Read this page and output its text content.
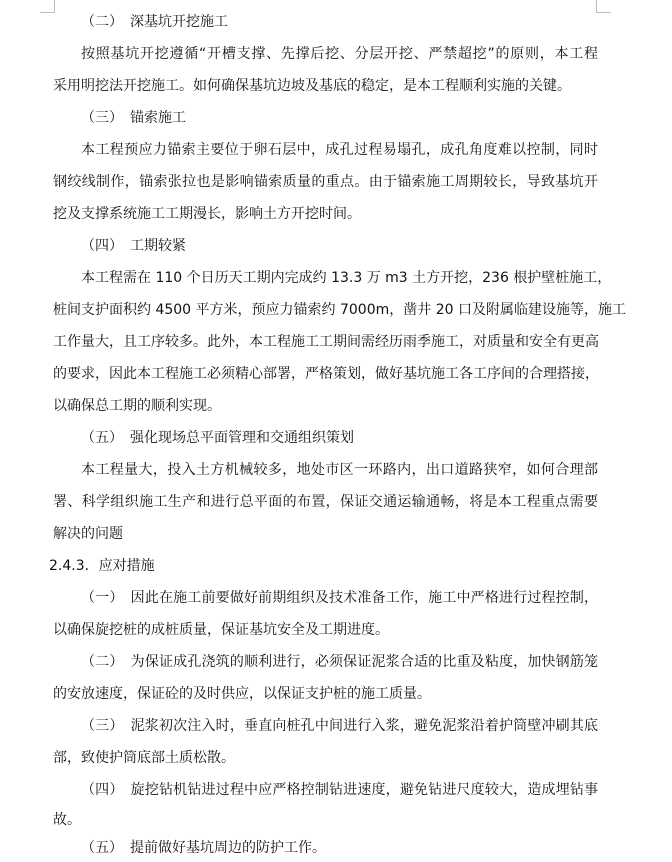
（二）　深基坑开挖施工
按照基坑开挖遵循“开槽支撑、先撑后挖、分层开挖、严禁超挖”的原则，本工程
采用明挖法开挖施工。如何确保基坑边坡及基底的稳定，是本工程顺利实施的关键。
（三）　锚索施工
本工程预应力锚索主要位于卵石层中，成孔过程易塌孔，成孔角度难以控制，同时
钢绞线制作，锚索张拉也是影响锚索质量的重点。由于锚索施工周期较长，导致基坑开
挖及支撑系统施工工期漫长，影响土方开挖时间。
（四）　工期较紧
本工程需在 110 个日历天工期内完成约 13.3 万 m3 土方开挖，236 根护壁桩施工，
桩间支护面积约 4500 平方米，预应力锚索约 7000m，凿井 20 口及附属临建设施等，施工
工作量大，且工序较多。此外，本工程施工工期间需经历雨季施工，对质量和安全有更高
的要求，因此本工程施工必须精心部署，严格策划，做好基坑施工各工序间的合理搭接，
以确保总工期的顺利实现。
（五）　强化现场总平面管理和交通组织策划
本工程量大，投入土方机械较多，地处市区一环路内，出口道路狭窄，如何合理部
署、科学组织施工生产和进行总平面的布置，保证交通运输通畅，将是本工程重点需要
解决的问题
2.4.3．应对措施
（一）　因此在施工前要做好前期组织及技术准备工作，施工中严格进行过程控制，
以确保旋挖桩的成桩质量，保证基坑安全及工期进度。
（二）　为保证成孔浇筑的顺利进行，必须保证泥浆合适的比重及粘度，加快钢筋笼
的安放速度，保证砼的及时供应，以保证支护桩的施工质量。
（三）　泥浆初次注入时，垂直向桩孔中间进行入浆，避免泥浆沿着护筒壁冲刷其底
部，致使护筒底部土质松散。
（四）　旋挖钻机钻进过程中应严格控制钻进速度，避免钻进尺度较大，造成埋钻事
故。
（五）　提前做好基坑周边的防护工作。
